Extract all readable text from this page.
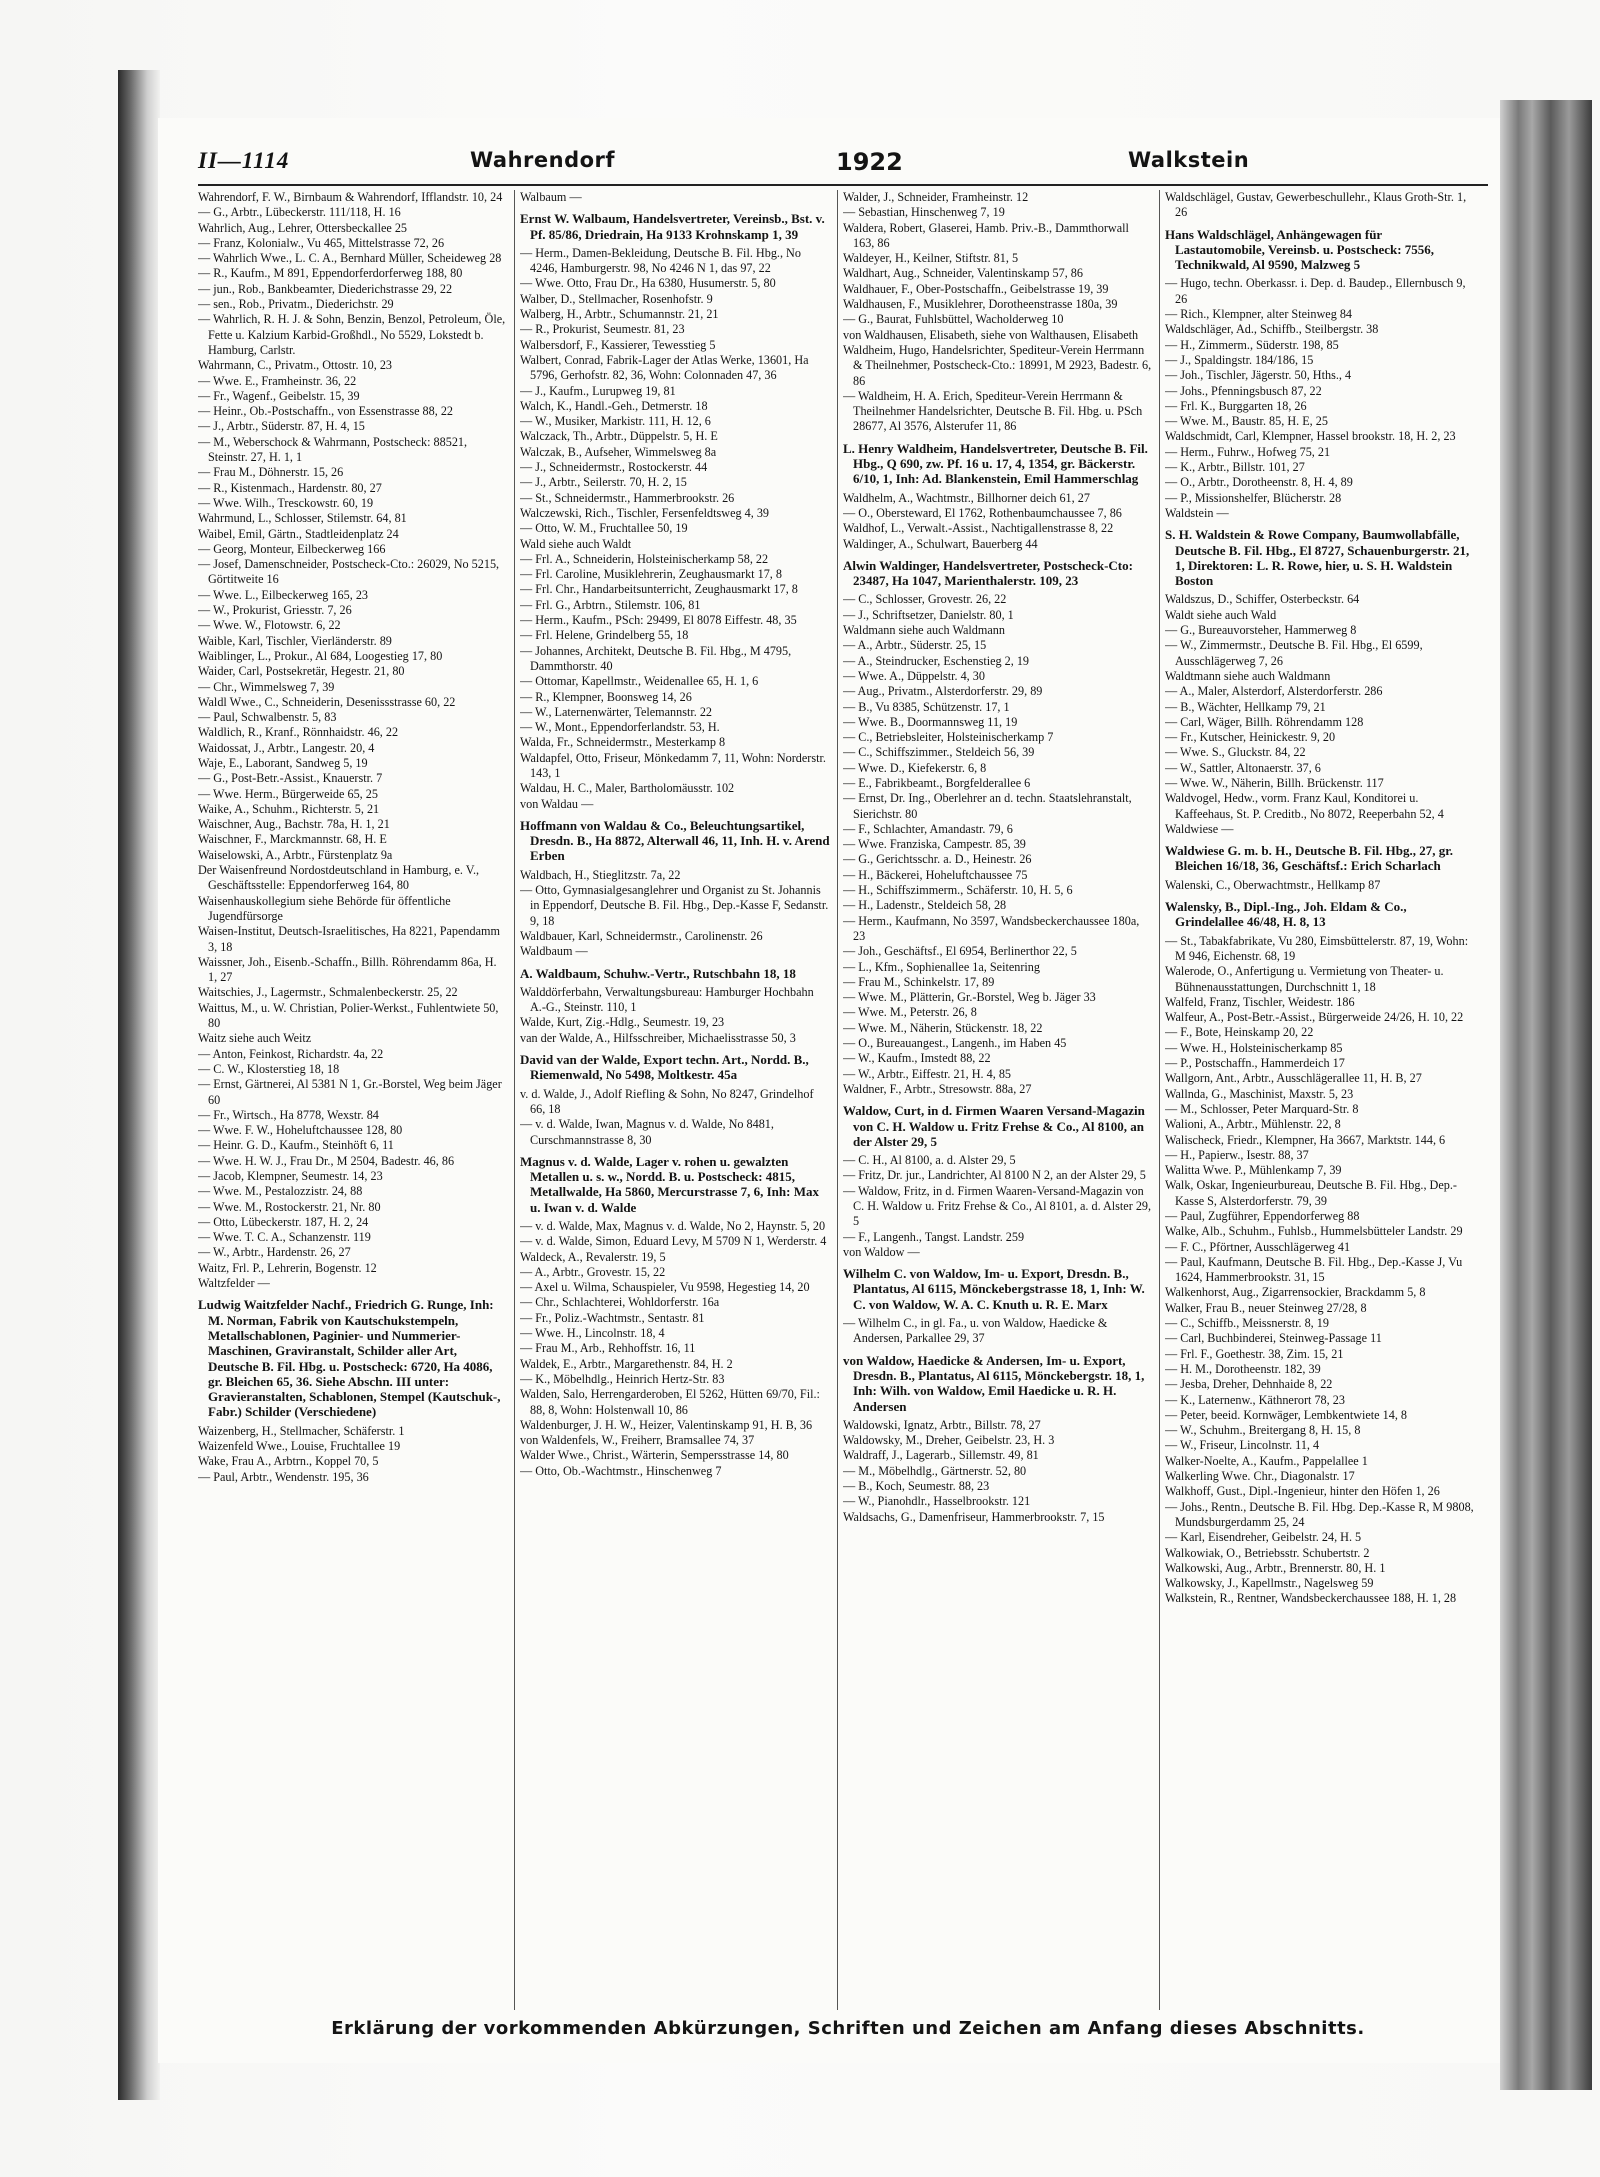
II—1114	Wahrendorf	1922	Walkstein

Wahrendorf, F. W., Birnbaum & Wahrendorf, Ifflandstr. 10, 24

— G., Arbtr., Lübeckerstr. 111/118, H. 16

Wahrlich, Aug., Lehrer, Ottersbeckallee 25

— Franz, Kolonialw., Vu 465, Mittelstrasse 72, 26

— Wahrlich Wwe., L. C. A., Bernhard Müller, Scheideweg 28

— R., Kaufm., M 891, Eppendorferdorferweg 188, 80

— jun., Rob., Bankbeamter, Diederichstrasse 29, 22

— sen., Rob., Privatm., Diederichstr. 29

— Wahrlich, R. H. J. & Sohn, Benzin, Benzol, Petroleum, Öle, Fette u. Kalzium Karbid-Großhdl., No 5529, Lokstedt b. Hamburg, Carlstr.

Wahrmann, C., Privatm., Ottostr. 10, 23

— Wwe. E., Framheinstr. 36, 22

— Fr., Wagenf., Geibelstr. 15, 39

— Heinr., Ob.-Postschaffn., von Essenstrasse 88, 22

— J., Arbtr., Süderstr. 87, H. 4, 15

— M., Weberschock & Wahrmann, Postscheck: 88521, Steinstr. 27, H. 1, 1

— Frau M., Döhnerstr. 15, 26

— R., Kistenmach., Hardenstr. 80, 27

— Wwe. Wilh., Tresckowstr. 60, 19

Wahrmund, L., Schlosser, Stilemstr. 64, 81

Waibel, Emil, Gärtn., Stadtleidenplatz 24

— Georg, Monteur, Eilbeckerweg 166

— Josef, Damenschneider, Postscheck-Cto.: 26029, No 5215, Görtitweite 16

— Wwe. L., Eilbeckerweg 165, 23

— W., Prokurist, Griesstr. 7, 26

— Wwe. W., Flotowstr. 6, 22

Waible, Karl, Tischler, Vierländerstr. 89

Waiblinger, L., Prokur., Al 684, Loogestieg 17, 80

Waider, Carl, Postsekretär, Hegestr. 21, 80

— Chr., Wimmelsweg 7, 39

Waldl Wwe., C., Schneiderin, Desenissstrasse 60, 22

— Paul, Schwalbenstr. 5, 83

Waldlich, R., Kranf., Rönnhaidstr. 46, 22

Waidossat, J., Arbtr., Langestr. 20, 4

Waje, E., Laborant, Sandweg 5, 19

— G., Post-Betr.-Assist., Knauerstr. 7

— Wwe. Herm., Bürgerweide 65, 25

Waike, A., Schuhm., Richterstr. 5, 21

Waischner, Aug., Bachstr. 78a, H. 1, 21

Waischner, F., Marckmannstr. 68, H. E

Waiselowski, A., Arbtr., Fürstenplatz 9a

Der Waisenfreund Nordostdeutschland in Hamburg, e. V., Geschäftsstelle: Eppendorferweg 164, 80

Waisenhauskollegium siehe Behörde für öffentliche Jugendfürsorge

Waisen-Institut, Deutsch-Israelitisches, Ha 8221, Papendamm 3, 18

Waissner, Joh., Eisenb.-Schaffn., Billh. Röhrendamm 86a, H. 1, 27

Waitschies, J., Lagermstr., Schmalenbeckerstr. 25, 22

Waittus, M., u. W. Christian, Polier-Werkst., Fuhlentwiete 50, 80

Waitz siehe auch Weitz

— Anton, Feinkost, Richardstr. 4a, 22

— C. W., Klosterstieg 18, 18

— Ernst, Gärtnerei, Al 5381 N 1, Gr.-Borstel, Weg beim Jäger 60

— Fr., Wirtsch., Ha 8778, Wexstr. 84

— Wwe. F. W., Hoheluftchaussee 128, 80

— Heinr. G. D., Kaufm., Steinhöft 6, 11

— Wwe. H. W. J., Frau Dr., M 2504, Badestr. 46, 86

— Jacob, Klempner, Seumestr. 14, 23

— Wwe. M., Pestalozzistr. 24, 88

— Wwe. M., Rostockerstr. 21, Nr. 80

— Otto, Lübeckerstr. 187, H. 2, 24

— Wwe. T. C. A., Schanzenstr. 119

— W., Arbtr., Hardenstr. 26, 27

Waitz, Frl. P., Lehrerin, Bogenstr. 12

Waltzfelder —

Ludwig Waitzfelder Nachf., Friedrich G. Runge, Inh: M. Norman, Fabrik von Kautschukstempeln, Metallschablonen, Paginier- und Nummerier-Maschinen, Graviranstalt, Schilder aller Art, Deutsche B. Fil. Hbg. u. Postscheck: 6720, Ha 4086, gr. Bleichen 65, 36. Siehe Abschn. III unter: Gravieranstalten, Schablonen, Stempel (Kautschuk-, Fabr.) Schilder (Verschiedene)

Waizenberg, H., Stellmacher, Schäferstr. 1

Waizenfeld Wwe., Louise, Fruchtallee 19

Wake, Frau A., Arbtrn., Koppel 70, 5

— Paul, Arbtr., Wendenstr. 195, 36

Walbaum —

Ernst W. Walbaum, Handelsvertreter, Vereinsb., Bst. v. Pf. 85/86, Driedrain, Ha 9133 Krohnskamp 1, 39

— Herm., Damen-Bekleidung, Deutsche B. Fil. Hbg., No 4246, Hamburgerstr. 98, No 4246 N 1, das 97, 22

— Wwe. Otto, Frau Dr., Ha 6380, Husumerstr. 5, 80

Walber, D., Stellmacher, Rosenhofstr. 9

Walberg, H., Arbtr., Schumannstr. 21, 21

— R., Prokurist, Seumestr. 81, 23

Walbersdorf, F., Kassierer, Tewesstieg 5

Walbert, Conrad, Fabrik-Lager der Atlas Werke, 13601, Ha 5796, Gerhofstr. 82, 36, Wohn: Colonnaden 47, 36

— J., Kaufm., Lurupweg 19, 81

Walch, K., Handl.-Geh., Detmerstr. 18

— W., Musiker, Markistr. 111, H. 12, 6

Walczack, Th., Arbtr., Düppelstr. 5, H. E

Walczak, B., Aufseher, Wimmelsweg 8a

— J., Schneidermstr., Rostockerstr. 44

— J., Arbtr., Seilerstr. 70, H. 2, 15

— St., Schneidermstr., Hammerbrookstr. 26

Walczewski, Rich., Tischler, Fersenfeldtsweg 4, 39

— Otto, W. M., Fruchtallee 50, 19

Wald siehe auch Waldt

— Frl. A., Schneiderin, Holsteinischerkamp 58, 22

— Frl. Caroline, Musiklehrerin, Zeughausmarkt 17, 8

— Frl. Chr., Handarbeitsunterricht, Zeughausmarkt 17, 8

— Frl. G., Arbtrn., Stilemstr. 106, 81

— Herm., Kaufm., PSch: 29499, El 8078 Eiffestr. 48, 35

— Frl. Helene, Grindelberg 55, 18

— Johannes, Architekt, Deutsche B. Fil. Hbg., M 4795, Dammthorstr. 40

— Ottomar, Kapellmstr., Weidenallee 65, H. 1, 6

— R., Klempner, Boonsweg 14, 26

— W., Laternenwärter, Telemannstr. 22

— W., Mont., Eppendorferlandstr. 53, H.

Walda, Fr., Schneidermstr., Mesterkamp 8

Waldapfel, Otto, Friseur, Mönkedamm 7, 11, Wohn: Norderstr. 143, 1

Waldau, H. C., Maler, Bartholomäusstr. 102

von Waldau —

Hoffmann von Waldau & Co., Beleuchtungsartikel, Dresdn. B., Ha 8872, Alterwall 46, 11, Inh. H. v. Arend Erben

Waldbach, H., Stieglitzstr. 7a, 22

— Otto, Gymnasialgesanglehrer und Organist zu St. Johannis in Eppendorf, Deutsche B. Fil. Hbg., Dep.-Kasse F, Sedanstr. 9, 18

Waldbauer, Karl, Schneidermstr., Carolinenstr. 26

Waldbaum —

A. Waldbaum, Schuhw.-Vertr., Rutschbahn 18, 18

Walddörferbahn, Verwaltungsbureau: Hamburger Hochbahn A.-G., Steinstr. 110, 1

Walde, Kurt, Zig.-Hdlg., Seumestr. 19, 23

van der Walde, A., Hilfsschreiber, Michaelisstrasse 50, 3

David van der Walde, Export techn. Art., Nordd. B., Riemenwald, No 5498, Moltkestr. 45a

v. d. Walde, J., Adolf Riefling & Sohn, No 8247, Grindelhof 66, 18

— v. d. Walde, Iwan, Magnus v. d. Walde, No 8481, Curschmannstrasse 8, 30

Magnus v. d. Walde, Lager v. rohen u. gewalzten Metallen u. s. w., Nordd. B. u. Postscheck: 4815, Metallwalde, Ha 5860, Mercurstrasse 7, 6, Inh: Max u. Iwan v. d. Walde

— v. d. Walde, Max, Magnus v. d. Walde, No 2, Haynstr. 5, 20

— v. d. Walde, Simon, Eduard Levy, M 5709 N 1, Werderstr. 4

Waldeck, A., Revalerstr. 19, 5

— A., Arbtr., Grovestr. 15, 22

— Axel u. Wilma, Schauspieler, Vu 9598, Hegestieg 14, 20

— Chr., Schlachterei, Wohldorferstr. 16a

— Fr., Poliz.-Wachtmstr., Sentastr. 81

— Wwe. H., Lincolnstr. 18, 4

— Frau M., Arb., Rehhoffstr. 16, 11

Waldek, E., Arbtr., Margarethenstr. 84, H. 2

— K., Möbelhdlg., Heinrich Hertz-Str. 83

Walden, Salo, Herrengarderoben, El 5262, Hütten 69/70, Fil.: 88, 8, Wohn: Holstenwall 10, 86

Waldenburger, J. H. W., Heizer, Valentinskamp 91, H. B, 36

von Waldenfels, W., Freiherr, Bramsallee 74, 37

Walder Wwe., Christ., Wärterin, Sempersstrasse 14, 80

— Otto, Ob.-Wachtmstr., Hinschenweg 7

Walder, J., Schneider, Framheinstr. 12

— Sebastian, Hinschenweg 7, 19

Waldera, Robert, Glaserei, Hamb. Priv.-B., Dammthorwall 163, 86

Waldeyer, H., Keilner, Stiftstr. 81, 5

Waldhart, Aug., Schneider, Valentinskamp 57, 86

Waldhauer, F., Ober-Postschaffn., Geibelstrasse 19, 39

Waldhausen, F., Musiklehrer, Dorotheenstrasse 180a, 39

— G., Baurat, Fuhlsbüttel, Wacholderweg 10

von Waldhausen, Elisabeth, siehe von Walthausen, Elisabeth

Waldheim, Hugo, Handelsrichter, Spediteur-Verein Herrmann & Theilnehmer, Postscheck-Cto.: 18991, M 2923, Badestr. 6, 86

— Waldheim, H. A. Erich, Spediteur-Verein Herrmann & Theilnehmer Handelsrichter, Deutsche B. Fil. Hbg. u. PSch 28677, Al 3576, Alsterufer 11, 86

L. Henry Waldheim, Handelsvertreter, Deutsche B. Fil. Hbg., Q 690, zw. Pf. 16 u. 17, 4, 1354, gr. Bäckerstr. 6/10, 1, Inh: Ad. Blankenstein, Emil Hammerschlag

Waldhelm, A., Wachtmstr., Billhorner deich 61, 27

— O., Obersteward, El 1762, Rothenbaumchaussee 7, 86

Waldhof, L., Verwalt.-Assist., Nachtigallenstrasse 8, 22

Waldinger, A., Schulwart, Bauerberg 44

Alwin Waldinger, Handelsvertreter, Postscheck-Cto: 23487, Ha 1047, Marienthalerstr. 109, 23

— C., Schlosser, Grovestr. 26, 22

— J., Schriftsetzer, Danielstr. 80, 1

Waldmann siehe auch Waldmann

— A., Arbtr., Süderstr. 25, 15

— A., Steindrucker, Eschenstieg 2, 19

— Wwe. A., Düppelstr. 4, 30

— Aug., Privatm., Alsterdorferstr. 29, 89

— B., Vu 8385, Schützenstr. 17, 1

— Wwe. B., Doormannsweg 11, 19

— C., Betriebsleiter, Holsteinischerkamp 7

— C., Schiffszimmer., Steldeich 56, 39

— Wwe. D., Kiefekerstr. 6, 8

— E., Fabrikbeamt., Borgfelderallee 6

— Ernst, Dr. Ing., Oberlehrer an d. techn. Staatslehranstalt, Sierichstr. 80

— F., Schlachter, Amandastr. 79, 6

— Wwe. Franziska, Campestr. 85, 39

— G., Gerichtsschr. a. D., Heinestr. 26

— H., Bäckerei, Hoheluftchaussee 75

— H., Schiffszimmerm., Schäferstr. 10, H. 5, 6

— H., Ladenstr., Steldeich 58, 28

— Herm., Kaufmann, No 3597, Wandsbeckerchaussee 180a, 23

— Joh., Geschäftsf., El 6954, Berlinerthor 22, 5

— L., Kfm., Sophienallee 1a, Seitenring

— Frau M., Schinkelstr. 17, 89

— Wwe. M., Plätterin, Gr.-Borstel, Weg b. Jäger 33

— Wwe. M., Peterstr. 26, 8

— Wwe. M., Näherin, Stückenstr. 18, 22

— O., Bureauangest., Langenh., im Haben 45

— W., Kaufm., Imstedt 88, 22

— W., Arbtr., Eiffestr. 21, H. 4, 85

Waldner, F., Arbtr., Stresowstr. 88a, 27

Waldow, Curt, in d. Firmen Waaren Versand-Magazin von C. H. Waldow u. Fritz Frehse & Co., Al 8100, an der Alster 29, 5

— C. H., Al 8100, a. d. Alster 29, 5

— Fritz, Dr. jur., Landrichter, Al 8100 N 2, an der Alster 29, 5

— Waldow, Fritz, in d. Firmen Waaren-Versand-Magazin von C. H. Waldow u. Fritz Frehse & Co., Al 8101, a. d. Alster 29, 5

— F., Langenh., Tangst. Landstr. 259

von Waldow —

Wilhelm C. von Waldow, Im- u. Export, Dresdn. B., Plantatus, Al 6115, Mönckebergstrasse 18, 1, Inh: W. C. von Waldow, W. A. C. Knuth u. R. E. Marx

— Wilhelm C., in gl. Fa., u. von Waldow, Haedicke & Andersen, Parkallee 29, 37

von Waldow, Haedicke & Andersen, Im- u. Export, Dresdn. B., Plantatus, Al 6115, Mönckebergstr. 18, 1, Inh: Wilh. von Waldow, Emil Haedicke u. R. H. Andersen

Waldowski, Ignatz, Arbtr., Billstr. 78, 27

Waldowsky, M., Dreher, Geibelstr. 23, H. 3

Waldraff, J., Lagerarb., Sillemstr. 49, 81

— M., Möbelhdlg., Gärtnerstr. 52, 80

— B., Koch, Seumestr. 88, 23

— W., Pianohdlr., Hasselbrookstr. 121

Waldsachs, G., Damenfriseur, Hammerbrookstr. 7, 15

Waldschlägel, Gustav, Gewerbeschullehr., Klaus Groth-Str. 1, 26

Hans Waldschlägel, Anhängewagen für Lastautomobile, Vereinsb. u. Postscheck: 7556, Technikwald, Al 9590, Malzweg 5

— Hugo, techn. Oberkassr. i. Dep. d. Baudep., Ellernbusch 9, 26

— Rich., Klempner, alter Steinweg 84

Waldschläger, Ad., Schiffb., Steilbergstr. 38

— H., Zimmerm., Süderstr. 198, 85

— J., Spaldingstr. 184/186, 15

— Joh., Tischler, Jägerstr. 50, Hths., 4

— Johs., Pfenningsbusch 87, 22

— Frl. K., Burggarten 18, 26

— Wwe. M., Baustr. 85, H. E, 25

Waldschmidt, Carl, Klempner, Hassel brookstr. 18, H. 2, 23

— Herm., Fuhrw., Hofweg 75, 21

— K., Arbtr., Billstr. 101, 27

— O., Arbtr., Dorotheenstr. 8, H. 4, 89

— P., Missionshelfer, Blücherstr. 28

Waldstein —

S. H. Waldstein & Rowe Company, Baumwollabfälle, Deutsche B. Fil. Hbg., El 8727, Schauenburgerstr. 21, 1, Direktoren: L. R. Rowe, hier, u. S. H. Waldstein Boston

Waldszus, D., Schiffer, Osterbeckstr. 64

Waldt siehe auch Wald

— G., Bureauvorsteher, Hammerweg 8

— W., Zimmermstr., Deutsche B. Fil. Hbg., El 6599, Ausschlägerweg 7, 26

Waldtmann siehe auch Waldmann

— A., Maler, Alsterdorf, Alsterdorferstr. 286

— B., Wächter, Hellkamp 79, 21

— Carl, Wäger, Billh. Röhrendamm 128

— Fr., Kutscher, Heinickestr. 9, 20

— Wwe. S., Gluckstr. 84, 22

— W., Sattler, Altonaerstr. 37, 6

— Wwe. W., Näherin, Billh. Brückenstr. 117

Waldvogel, Hedw., vorm. Franz Kaul, Konditorei u. Kaffeehaus, St. P. Creditb., No 8072, Reeperbahn 52, 4

Waldwiese —

Waldwiese G. m. b. H., Deutsche B. Fil. Hbg., 27, gr. Bleichen 16/18, 36, Geschäftsf.: Erich Scharlach

Walenski, C., Oberwachtmstr., Hellkamp 87

Walensky, B., Dipl.-Ing., Joh. Eldam & Co., Grindelallee 46/48, H. 8, 13

— St., Tabakfabrikate, Vu 280, Eimsbüttelerstr. 87, 19, Wohn: M 946, Eichenstr. 68, 19

Walerode, O., Anfertigung u. Vermietung von Theater- u. Bühnenausstattungen, Durchschnitt 1, 18

Walfeld, Franz, Tischler, Weidestr. 186

Walfeur, A., Post-Betr.-Assist., Bürgerweide 24/26, H. 10, 22

— F., Bote, Heinskamp 20, 22

— Wwe. H., Holsteinischerkamp 85

— P., Postschaffn., Hammerdeich 17

Wallgorn, Ant., Arbtr., Ausschlägerallee 11, H. B, 27

Wallnda, G., Maschinist, Maxstr. 5, 23

— M., Schlosser, Peter Marquard-Str. 8

Walioni, A., Arbtr., Mühlenstr. 22, 8

Walischeck, Friedr., Klempner, Ha 3667, Marktstr. 144, 6

— H., Papierw., Isestr. 88, 37

Walitta Wwe. P., Mühlenkamp 7, 39

Walk, Oskar, Ingenieurbureau, Deutsche B. Fil. Hbg., Dep.-Kasse S, Alsterdorferstr. 79, 39

— Paul, Zugführer, Eppendorferweg 88

Walke, Alb., Schuhm., Fuhlsb., Hummelsbütteler Landstr. 29

— F. C., Pförtner, Ausschlägerweg 41

— Paul, Kaufmann, Deutsche B. Fil. Hbg., Dep.-Kasse J, Vu 1624, Hammerbrookstr. 31, 15

Walkenhorst, Aug., Zigarrensockier, Brackdamm 5, 8

Walker, Frau B., neuer Steinweg 27/28, 8

— C., Schiffb., Meissnerstr. 8, 19

— Carl, Buchbinderei, Steinweg-Passage 11

— Frl. F., Goethestr. 38, Zim. 15, 21

— H. M., Dorotheenstr. 182, 39

— Jesba, Dreher, Dehnhaide 8, 22

— K., Laternenw., Käthnerort 78, 23

— Peter, beeid. Kornwäger, Lembkentwiete 14, 8

— W., Schuhm., Breitergang 8, H. 15, 8

— W., Friseur, Lincolnstr. 11, 4

Walker-Noelte, A., Kaufm., Pappelallee 1

Walkerling Wwe. Chr., Diagonalstr. 17

Walkhoff, Gust., Dipl.-Ingenieur, hinter den Höfen 1, 26

— Johs., Rentn., Deutsche B. Fil. Hbg. Dep.-Kasse R, M 9808, Mundsburgerdamm 25, 24

— Karl, Eisendreher, Geibelstr. 24, H. 5

Walkowiak, O., Betriebsstr. Schubertstr. 2

Walkowski, Aug., Arbtr., Brennerstr. 80, H. 1

Walkowsky, J., Kapellmstr., Nagelsweg 59

Walkstein, R., Rentner, Wandsbeckerchaussee 188, H. 1, 28

Erklärung der vorkommenden Abkürzungen, Schriften und Zeichen am Anfang dieses Abschnitts.
